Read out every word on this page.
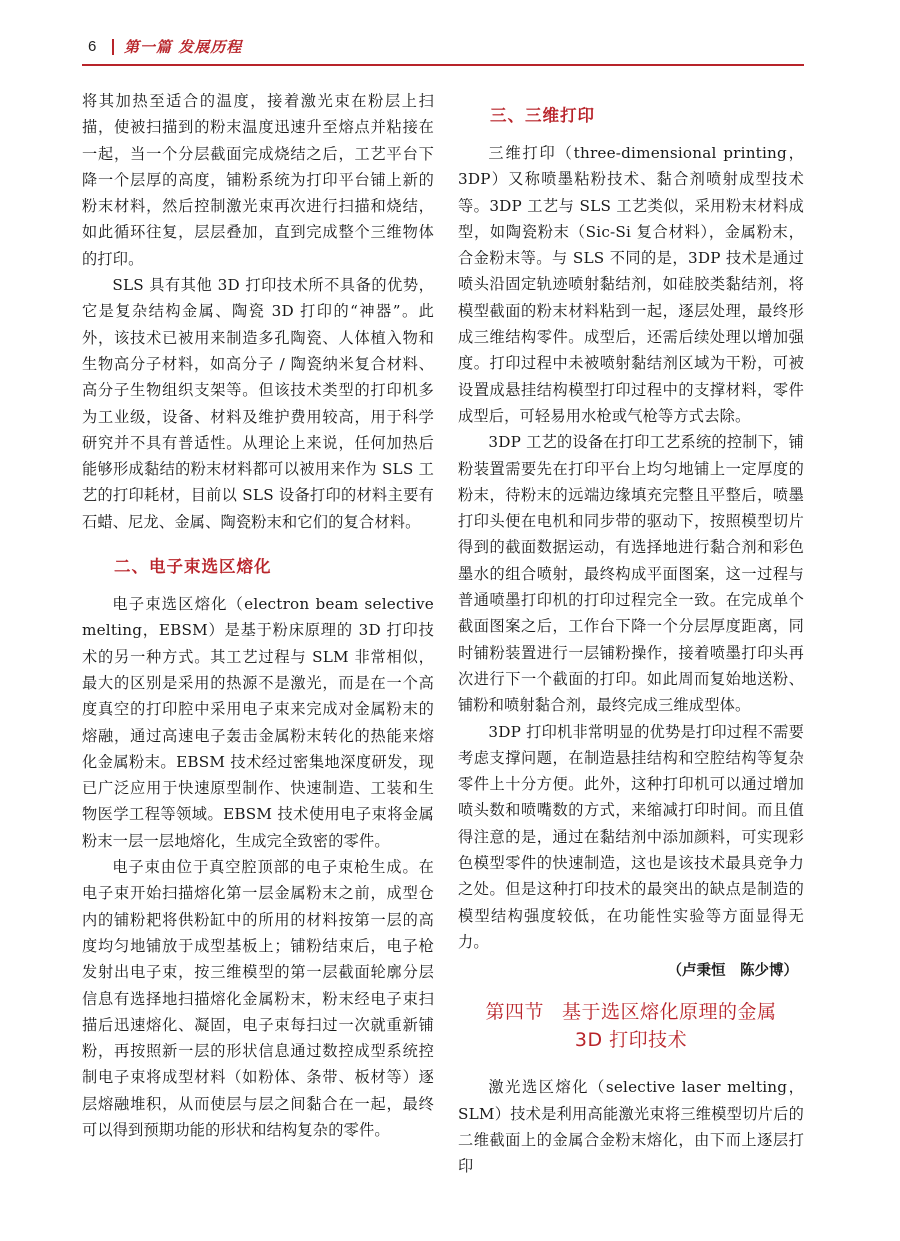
6 第一篇 发展历程

将其加热至适合的温度，接着激光束在粉层上扫描，使被扫描到的粉末温度迅速升至熔点并粘接在一起，当一个分层截面完成烧结之后，工艺平台下降一个层厚的高度，铺粉系统为打印平台铺上新的粉末材料，然后控制激光束再次进行扫描和烧结，如此循环往复，层层叠加，直到完成整个三维物体的打印。

SLS 具有其他 3D 打印技术所不具备的优势，它是复杂结构金属、陶瓷 3D 打印的“神器”。此外，该技术已被用来制造多孔陶瓷、人体植入物和生物高分子材料，如高分子 / 陶瓷纳米复合材料、高分子生物组织支架等。但该技术类型的打印机多为工业级，设备、材料及维护费用较高，用于科学研究并不具有普适性。从理论上来说，任何加热后能够形成黏结的粉末材料都可以被用来作为 SLS 工艺的打印耗材，目前以 SLS 设备打印的材料主要有石蜡、尼龙、金属、陶瓷粉末和它们的复合材料。

二、电子束选区熔化

电子束选区熔化（electron beam selective melting，EBSM）是基于粉床原理的 3D 打印技术的另一种方式。其工艺过程与 SLM 非常相似，最大的区别是采用的热源不是激光，而是在一个高度真空的打印腔中采用电子束来完成对金属粉末的熔融，通过高速电子轰击金属粉末转化的热能来熔化金属粉末。EBSM 技术经过密集地深度研发，现已广泛应用于快速原型制作、快速制造、工装和生物医学工程等领域。EBSM 技术使用电子束将金属粉末一层一层地熔化，生成完全致密的零件。

电子束由位于真空腔顶部的电子束枪生成。在电子束开始扫描熔化第一层金属粉末之前，成型仓内的铺粉耙将供粉缸中的所用的材料按第一层的高度均匀地铺放于成型基板上；铺粉结束后，电子枪发射出电子束，按三维模型的第一层截面轮廓分层信息有选择地扫描熔化金属粉末，粉末经电子束扫描后迅速熔化、凝固，电子束每扫过一次就重新铺粉，再按照新一层的形状信息通过数控成型系统控制电子束将成型材料（如粉体、条带、板材等）逐层熔融堆积，从而使层与层之间黏合在一起，最终可以得到预期功能的形状和结构复杂的零件。

三、三维打印

三维打印（three-dimensional printing，3DP）又称喷墨粘粉技术、黏合剂喷射成型技术等。3DP 工艺与 SLS 工艺类似，采用粉末材料成型，如陶瓷粉末（Sic-Si 复合材料），金属粉末，合金粉末等。与 SLS 不同的是，3DP 技术是通过喷头沿固定轨迹喷射黏结剂，如硅胶类黏结剂，将模型截面的粉末材料粘到一起，逐层处理，最终形成三维结构零件。成型后，还需后续处理以增加强度。打印过程中未被喷射黏结剂区域为干粉，可被设置成悬挂结构模型打印过程中的支撑材料，零件成型后，可轻易用水枪或气枪等方式去除。

3DP 工艺的设备在打印工艺系统的控制下，铺粉装置需要先在打印平台上均匀地铺上一定厚度的粉末，待粉末的远端边缘填充完整且平整后，喷墨打印头便在电机和同步带的驱动下，按照模型切片得到的截面数据运动，有选择地进行黏合剂和彩色墨水的组合喷射，最终构成平面图案，这一过程与普通喷墨打印机的打印过程完全一致。在完成单个截面图案之后，工作台下降一个分层厚度距离，同时铺粉装置进行一层铺粉操作，接着喷墨打印头再次进行下一个截面的打印。如此周而复始地送粉、铺粉和喷射黏合剂，最终完成三维成型体。

3DP 打印机非常明显的优势是打印过程不需要考虑支撑问题，在制造悬挂结构和空腔结构等复杂零件上十分方便。此外，这种打印机可以通过增加喷头数和喷嘴数的方式，来缩减打印时间。而且值得注意的是，通过在黏结剂中添加颜料，可实现彩色模型零件的快速制造，这也是该技术最具竞争力之处。但是这种打印技术的最突出的缺点是制造的模型结构强度较低，在功能性实验等方面显得无力。

（卢秉恒　陈少博）
第四节 基于选区熔化原理的金属
3D 打印技术

激光选区熔化（selective laser melting，SLM）技术是利用高能激光束将三维模型切片后的二维截面上的金属合金粉末熔化，由下而上逐层打印
